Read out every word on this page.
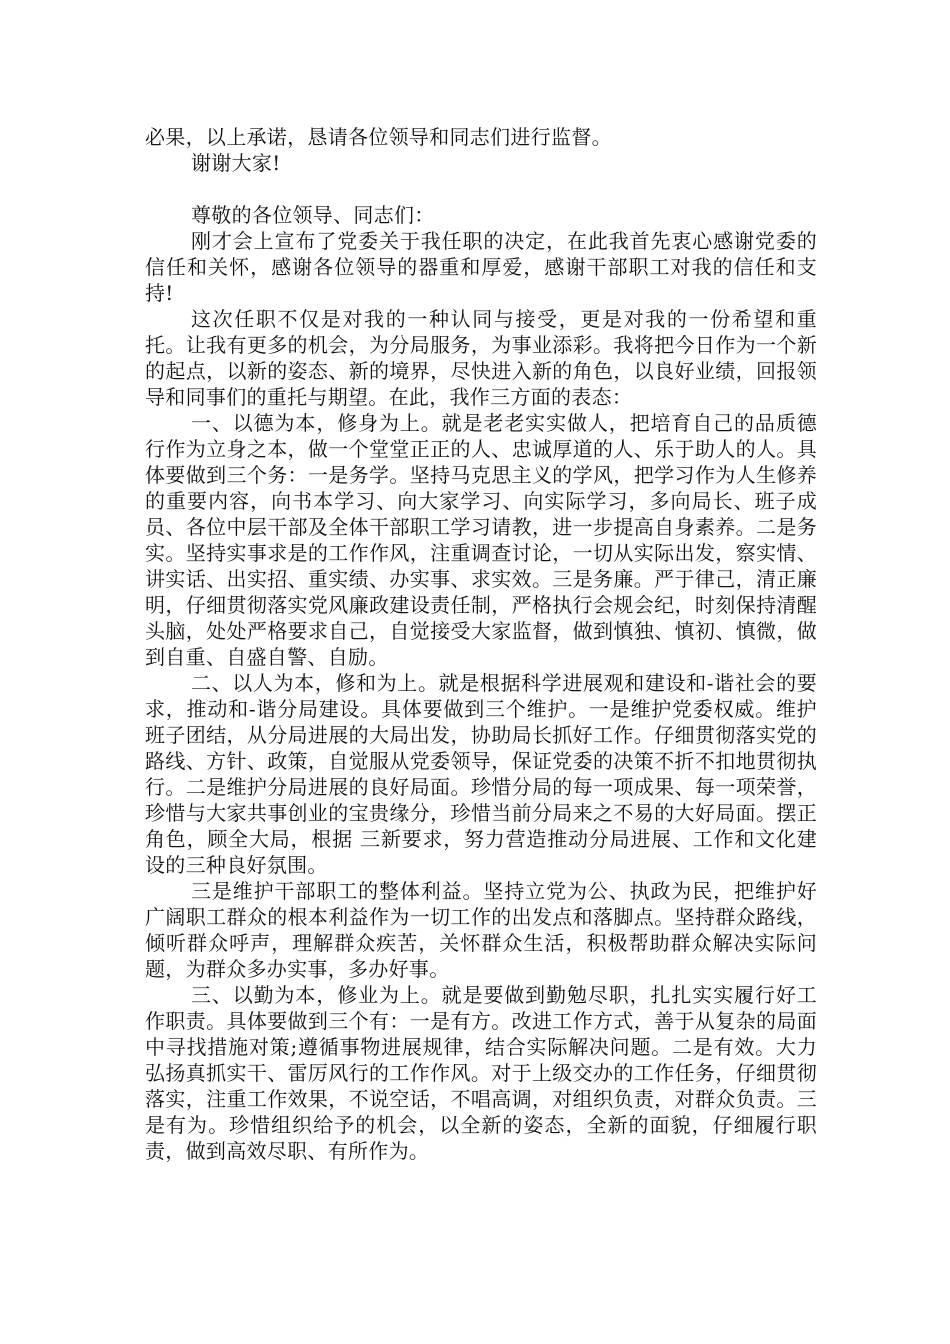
必果，以上承诺，恳请各位领导和同志们进行监督。

谢谢大家!

尊敬的各位领导、同志们：

刚才会上宣布了党委关于我任职的决定，在此我首先衷心感谢党委的信任和关怀，感谢各位领导的器重和厚爱，感谢干部职工对我的信任和支持!

这次任职不仅是对我的一种认同与接受，更是对我的一份希望和重托。让我有更多的机会，为分局服务，为事业添彩。我将把今日作为一个新的起点，以新的姿态、新的境界，尽快进入新的角色，以良好业绩，回报领导和同事们的重托与期望。在此，我作三方面的表态：

一、以德为本，修身为上。就是老老实实做人，把培育自己的品质德行作为立身之本，做一个堂堂正正的人、忠诚厚道的人、乐于助人的人。具体要做到三个务：一是务学。坚持马克思主义的学风，把学习作为人生修养的重要内容，向书本学习、向大家学习、向实际学习，多向局长、班子成员、各位中层干部及全体干部职工学习请教，进一步提高自身素养。二是务实。坚持实事求是的工作作风，注重调查讨论，一切从实际出发，察实情、讲实话、出实招、重实绩、办实事、求实效。三是务廉。严于律己，清正廉明，仔细贯彻落实党风廉政建设责任制，严格执行会规会纪，时刻保持清醒头脑，处处严格要求自己，自觉接受大家监督，做到慎独、慎初、慎微，做到自重、自盛自警、自励。

二、以人为本，修和为上。就是根据科学进展观和建设和-谐社会的要求，推动和-谐分局建设。具体要做到三个维护。一是维护党委权威。维护班子团结，从分局进展的大局出发，协助局长抓好工作。仔细贯彻落实党的路线、方针、政策，自觉服从党委领导，保证党委的决策不折不扣地贯彻执行。二是维护分局进展的良好局面。珍惜分局的每一项成果、每一项荣誉，珍惜与大家共事创业的宝贵缘分，珍惜当前分局来之不易的大好局面。摆正角色，顾全大局，根据 三新要求，努力营造推动分局进展、工作和文化建设的三种良好氛围。

三是维护干部职工的整体利益。坚持立党为公、执政为民，把维护好广阔职工群众的根本利益作为一切工作的出发点和落脚点。坚持群众路线，倾听群众呼声，理解群众疾苦，关怀群众生活，积极帮助群众解决实际问题，为群众多办实事，多办好事。

三、以勤为本，修业为上。就是要做到勤勉尽职，扎扎实实履行好工作职责。具体要做到三个有：一是有方。改进工作方式，善于从复杂的局面中寻找措施对策;遵循事物进展规律，结合实际解决问题。二是有效。大力弘扬真抓实干、雷厉风行的工作作风。对于上级交办的工作任务，仔细贯彻落实，注重工作效果，不说空话，不唱高调，对组织负责，对群众负责。三是有为。珍惜组织给予的机会，以全新的姿态，全新的面貌，仔细履行职责，做到高效尽职、有所作为。
